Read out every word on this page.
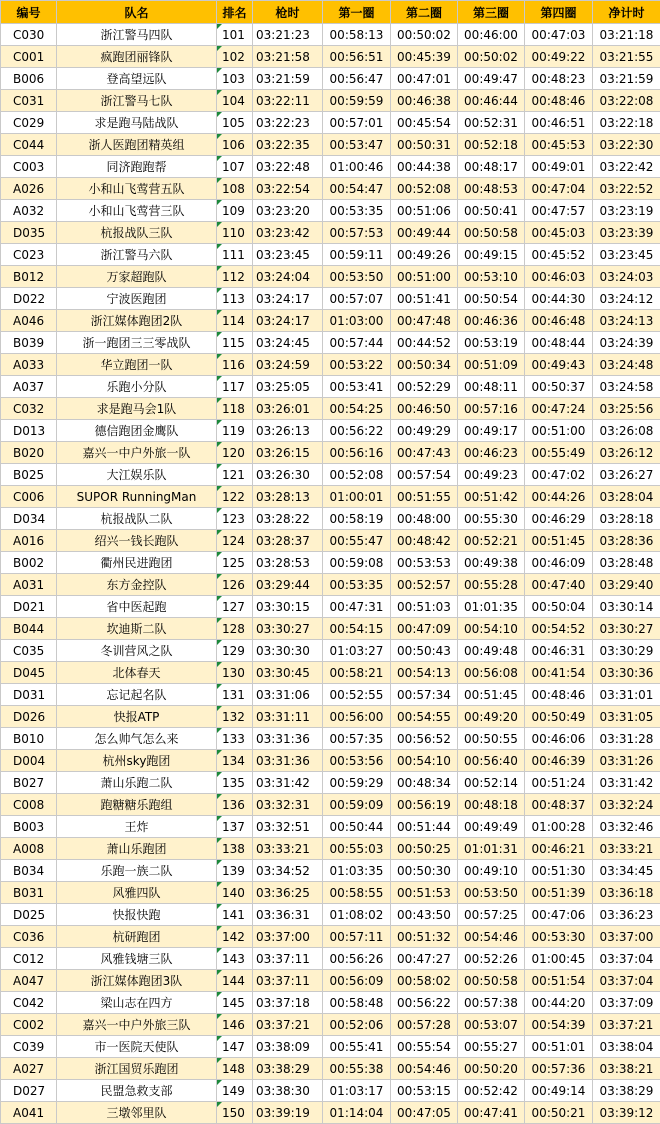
编号	队名	排名	枪时	第一圈	第二圈	第三圈	第四圈	净计时
C030	浙江警马四队	101	03:21:23	00:58:13	00:50:02	00:46:00	00:47:03	03:21:18
C001	疯跑团丽锋队	102	03:21:58	00:56:51	00:45:39	00:50:02	00:49:22	03:21:55
B006	登高望远队	103	03:21:59	00:56:47	00:47:01	00:49:47	00:48:23	03:21:59
C031	浙江警马七队	104	03:22:11	00:59:59	00:46:38	00:46:44	00:48:46	03:22:08
C029	求是跑马陆战队	105	03:22:23	00:57:01	00:45:54	00:52:31	00:46:51	03:22:18
C044	浙人医跑团精英组	106	03:22:35	00:53:47	00:50:31	00:52:18	00:45:53	03:22:30
C003	同济跑跑帮	107	03:22:48	01:00:46	00:44:38	00:48:17	00:49:01	03:22:42
A026	小和山飞莺营五队	108	03:22:54	00:54:47	00:52:08	00:48:53	00:47:04	03:22:52
A032	小和山飞莺营三队	109	03:23:20	00:53:35	00:51:06	00:50:41	00:47:57	03:23:19
D035	杭报战队三队	110	03:23:42	00:57:53	00:49:44	00:50:58	00:45:03	03:23:39
C023	浙江警马六队	111	03:23:45	00:59:11	00:49:26	00:49:15	00:45:52	03:23:45
B012	万家超跑队	112	03:24:04	00:53:50	00:51:00	00:53:10	00:46:03	03:24:03
D022	宁波医跑团	113	03:24:17	00:57:07	00:51:41	00:50:54	00:44:30	03:24:12
A046	浙江媒体跑团2队	114	03:24:17	01:03:00	00:47:48	00:46:36	00:46:48	03:24:13
B039	浙一跑团三三零战队	115	03:24:45	00:57:44	00:44:52	00:53:19	00:48:44	03:24:39
A033	华立跑团一队	116	03:24:59	00:53:22	00:50:34	00:51:09	00:49:43	03:24:48
A037	乐跑小分队	117	03:25:05	00:53:41	00:52:29	00:48:11	00:50:37	03:24:58
C032	求是跑马会1队	118	03:26:01	00:54:25	00:46:50	00:57:16	00:47:24	03:25:56
D013	德信跑团金鹰队	119	03:26:13	00:56:22	00:49:29	00:49:17	00:51:00	03:26:08
B020	嘉兴一中户外旅一队	120	03:26:15	00:56:16	00:47:43	00:46:23	00:55:49	03:26:12
B025	大江娱乐队	121	03:26:30	00:52:08	00:57:54	00:49:23	00:47:02	03:26:27
C006	SUPOR RunningMan	122	03:28:13	01:00:01	00:51:55	00:51:42	00:44:26	03:28:04
D034	杭报战队二队	123	03:28:22	00:58:19	00:48:00	00:55:30	00:46:29	03:28:18
A016	绍兴一钱长跑队	124	03:28:37	00:55:47	00:48:42	00:52:21	00:51:45	03:28:36
B002	衢州民进跑团	125	03:28:53	00:59:08	00:53:53	00:49:38	00:46:09	03:28:48
A031	东方金控队	126	03:29:44	00:53:35	00:52:57	00:55:28	00:47:40	03:29:40
D021	省中医起跑	127	03:30:15	00:47:31	00:51:03	01:01:35	00:50:04	03:30:14
B044	坎迪斯二队	128	03:30:27	00:54:15	00:47:09	00:54:10	00:54:52	03:30:27
C035	冬训营风之队	129	03:30:30	01:03:27	00:50:43	00:49:48	00:46:31	03:30:29
D045	北体春天	130	03:30:45	00:58:21	00:54:13	00:56:08	00:41:54	03:30:36
D031	忘记起名队	131	03:31:06	00:52:55	00:57:34	00:51:45	00:48:46	03:31:01
D026	快报ATP	132	03:31:11	00:56:00	00:54:55	00:49:20	00:50:49	03:31:05
B010	怎么帅气怎么来	133	03:31:36	00:57:35	00:56:52	00:50:55	00:46:06	03:31:28
D004	杭州sky跑团	134	03:31:36	00:53:56	00:54:10	00:56:40	00:46:39	03:31:26
B027	萧山乐跑二队	135	03:31:42	00:59:29	00:48:34	00:52:14	00:51:24	03:31:42
C008	跑糖糖乐跑组	136	03:32:31	00:59:09	00:56:19	00:48:18	00:48:37	03:32:24
B003	王炸	137	03:32:51	00:50:44	00:51:44	00:49:49	01:00:28	03:32:46
A008	萧山乐跑团	138	03:33:21	00:55:03	00:50:25	01:01:31	00:46:21	03:33:21
B034	乐跑一族二队	139	03:34:52	01:03:35	00:50:30	00:49:10	00:51:30	03:34:45
B031	风雅四队	140	03:36:25	00:58:55	00:51:53	00:53:50	00:51:39	03:36:18
D025	快报快跑	141	03:36:31	01:08:02	00:43:50	00:57:25	00:47:06	03:36:23
C036	杭研跑团	142	03:37:00	00:57:11	00:51:32	00:54:46	00:53:30	03:37:00
C012	风雅钱塘三队	143	03:37:11	00:56:26	00:47:27	00:52:26	01:00:45	03:37:04
A047	浙江媒体跑团3队	144	03:37:11	00:56:09	00:58:02	00:50:58	00:51:54	03:37:04
C042	梁山志在四方	145	03:37:18	00:58:48	00:56:22	00:57:38	00:44:20	03:37:09
C002	嘉兴一中户外旅三队	146	03:37:21	00:52:06	00:57:28	00:53:07	00:54:39	03:37:21
C039	市一医院天使队	147	03:38:09	00:55:41	00:55:54	00:55:27	00:51:01	03:38:04
A027	浙江国贸乐跑团	148	03:38:29	00:55:38	00:54:46	00:50:20	00:57:36	03:38:21
D027	民盟急救支部	149	03:38:30	01:03:17	00:53:15	00:52:42	00:49:14	03:38:29
A041	三墩邻里队	150	03:39:19	01:14:04	00:47:05	00:47:41	00:50:21	03:39:12
